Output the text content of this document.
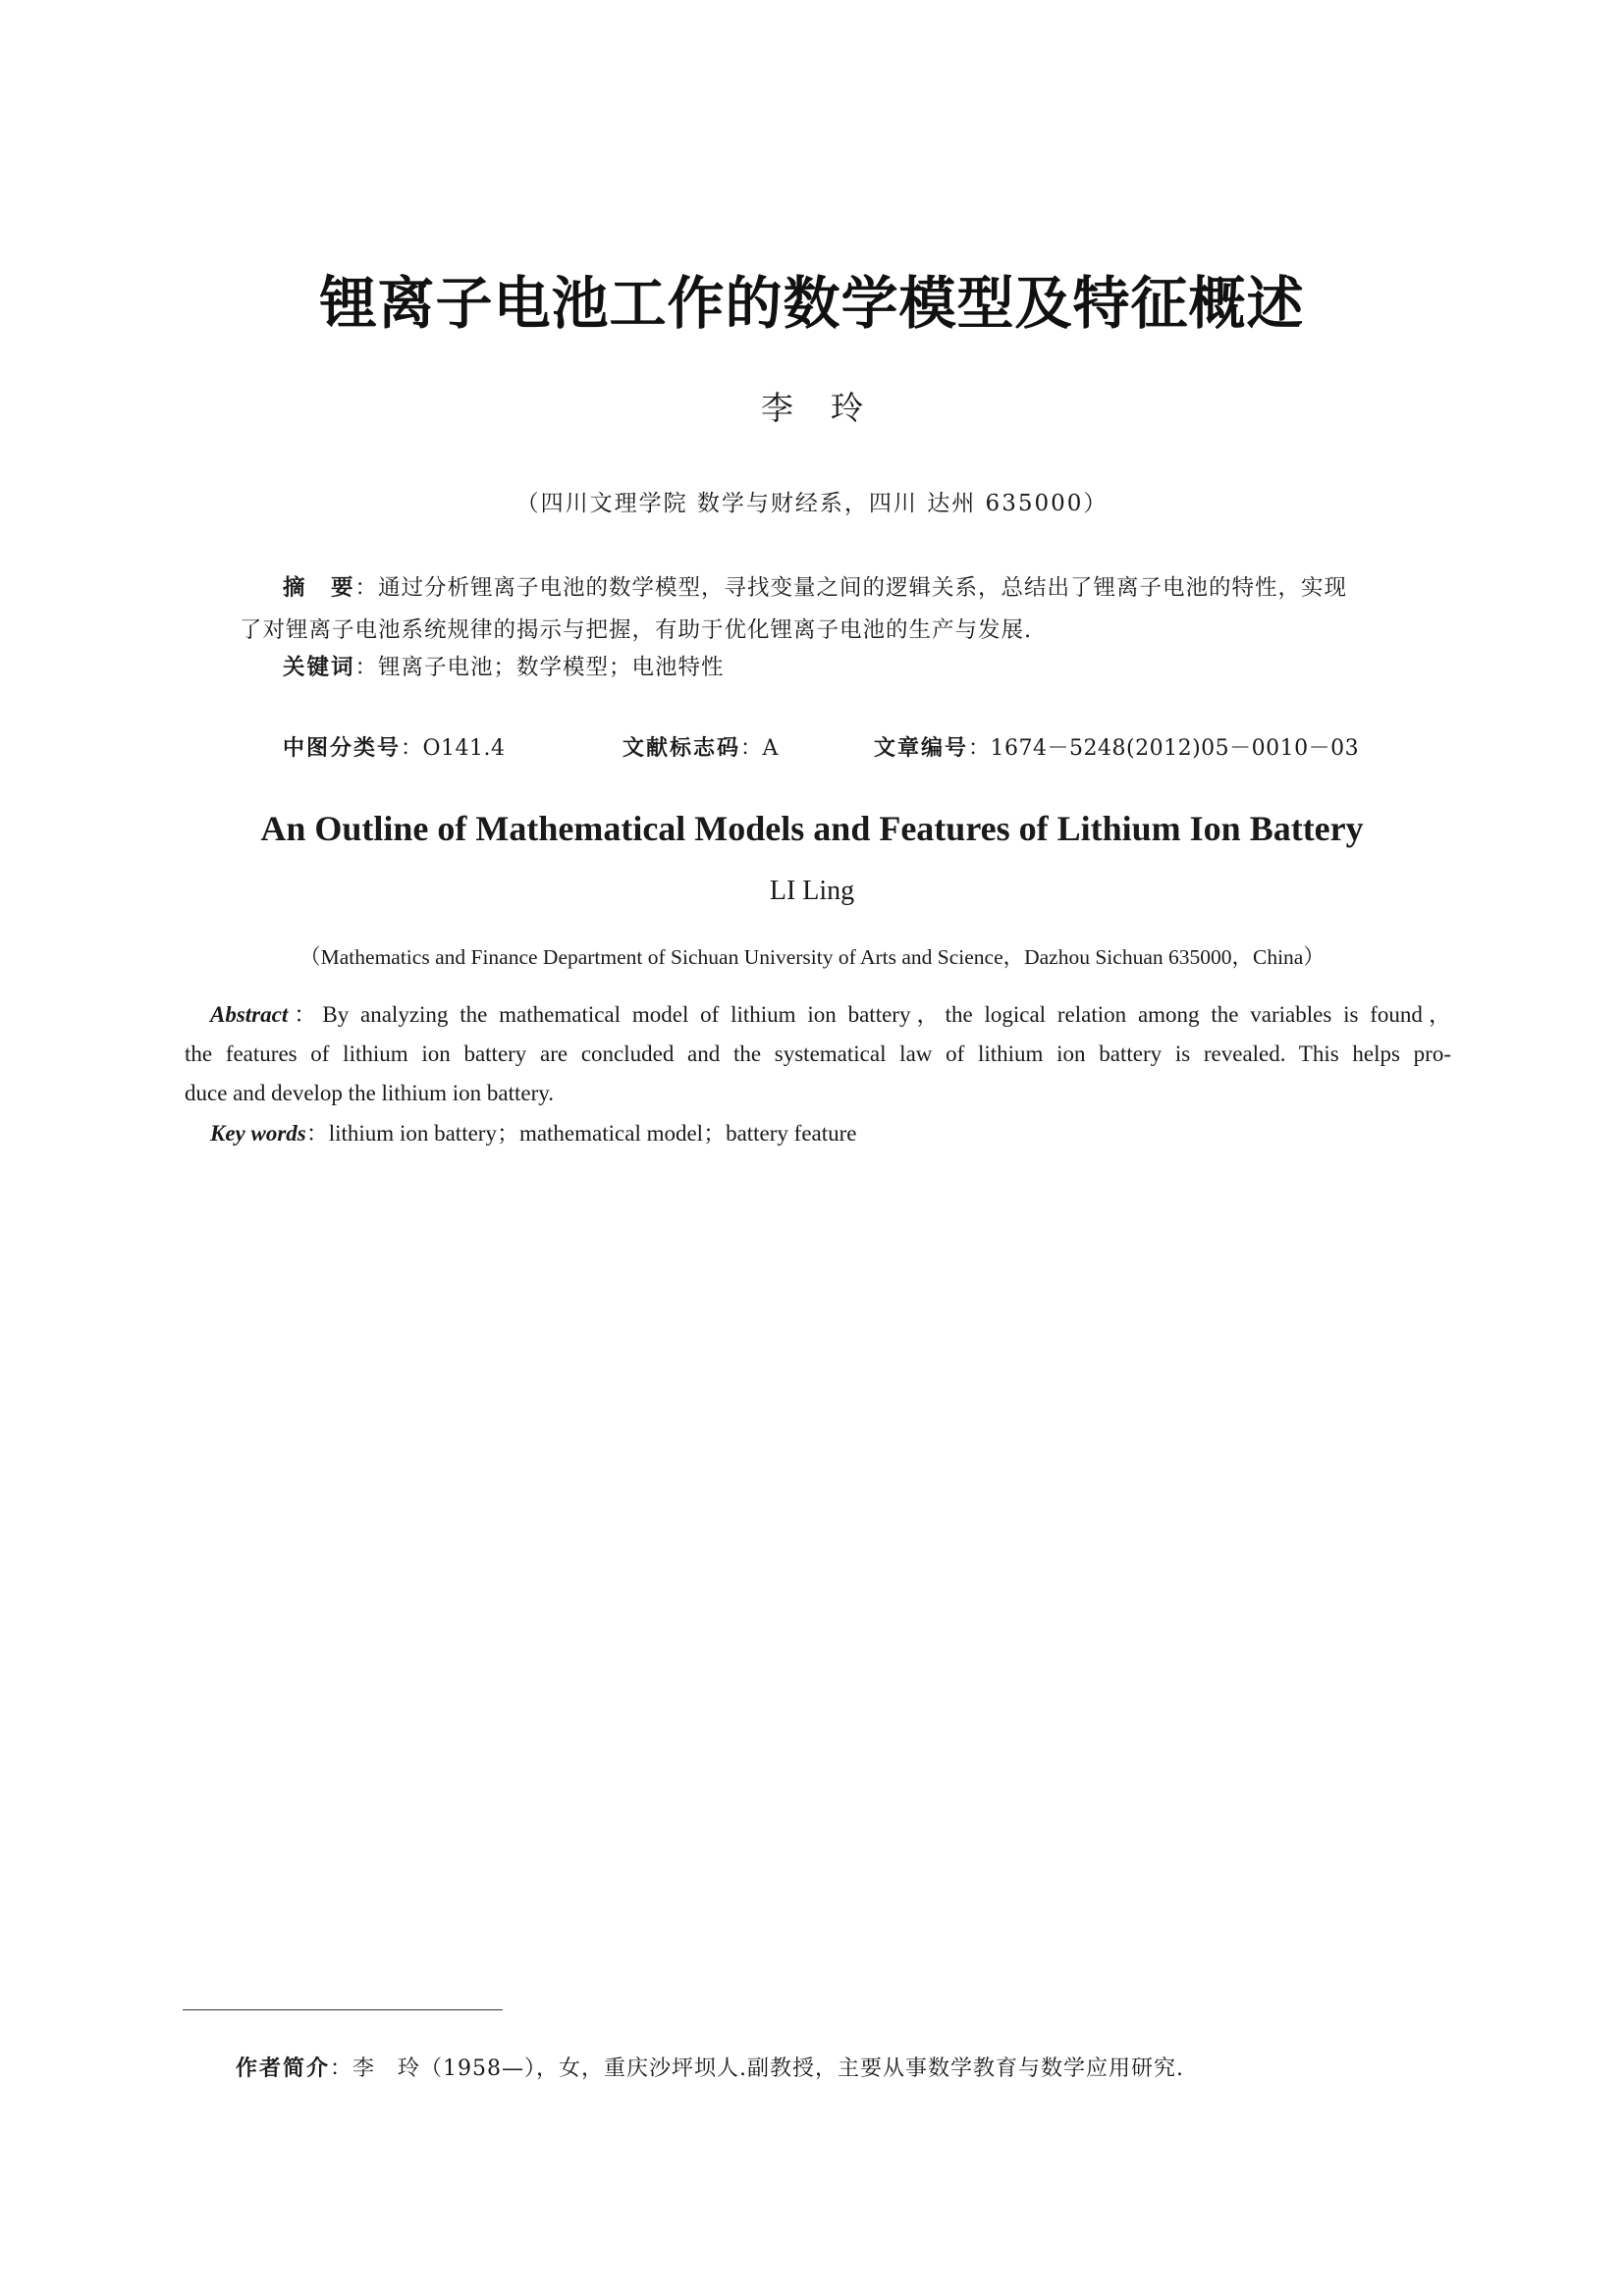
锂离子电池工作的数学模型及特征概述
李 玲
（四川文理学院 数学与财经系，四川 达州 635000）
摘　要：通过分析锂离子电池的数学模型，寻找变量之间的逻辑关系，总结出了锂离子电池的特性，实现
了对锂离子电池系统规律的揭示与把握，有助于优化锂离子电池的生产与发展.
关键词：锂离子电池；数学模型；电池特性
中图分类号：O141.4	文献标志码：A	文章编号：1674－5248(2012)05－0010－03
An Outline of Mathematical Models and Features of Lithium Ion Battery
LI Ling
（Mathematics and Finance Department of Sichuan University of Arts and Science，Dazhou Sichuan 635000，China）
Abstract：By analyzing the mathematical model of lithium ion battery，the logical relation among the variables is found，
the features of lithium ion battery are concluded and the systematical law of lithium ion battery is revealed. This helps pro-
duce and develop the lithium ion battery.
Key words：lithium ion battery；mathematical model；battery feature
作者简介：李　玲（1958—），女，重庆沙坪坝人.副教授，主要从事数学教育与数学应用研究.
